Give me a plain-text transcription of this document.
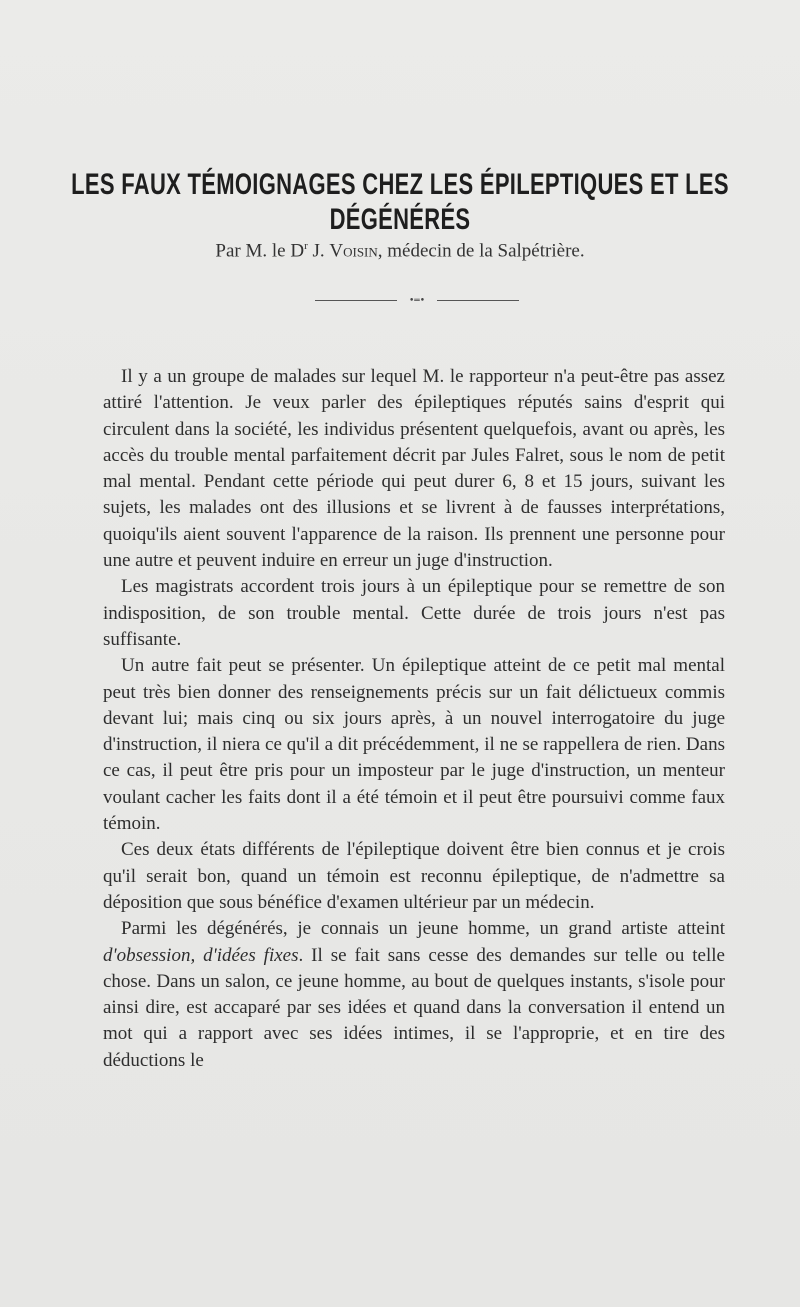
LES FAUX TÉMOIGNAGES CHEZ LES ÉPILEPTIQUES ET LES DÉGÉNÉRÉS
Par M. le $D^r$ J. Voisin, médecin de la Salpétrière.
•═•

Il y a un groupe de malades sur lequel M. le rapporteur n'a peut-être pas assez attiré l'attention. Je veux parler des épileptiques réputés sains d'esprit qui circulent dans la société, les individus présentent quelquefois, avant ou après, les accès du trouble mental parfaitement décrit par Jules Falret, sous le nom de petit mal mental. Pendant cette période qui peut durer 6, 8 et 15 jours, suivant les sujets, les malades ont des illusions et se livrent à de fausses interprétations, quoiqu'ils aient souvent l'apparence de la raison. Ils prennent une personne pour une autre et peuvent induire en erreur un juge d'instruction.

Les magistrats accordent trois jours à un épileptique pour se remettre de son indisposition, de son trouble mental. Cette durée de trois jours n'est pas suffisante.

Un autre fait peut se présenter. Un épileptique atteint de ce petit mal mental peut très bien donner des renseignements précis sur un fait délictueux commis devant lui; mais cinq ou six jours après, à un nouvel interrogatoire du juge d'instruction, il niera ce qu'il a dit précédemment, il ne se rappellera de rien. Dans ce cas, il peut être pris pour un imposteur par le juge d'instruction, un menteur voulant cacher les faits dont il a été témoin et il peut être poursuivi comme faux témoin.

Ces deux états différents de l'épileptique doivent être bien connus et je crois qu'il serait bon, quand un témoin est reconnu épileptique, de n'admettre sa déposition que sous bénéfice d'examen ultérieur par un médecin.

Parmi les dégénérés, je connais un jeune homme, un grand artiste atteint d'obsession, d'idées fixes. Il se fait sans cesse des demandes sur telle ou telle chose. Dans un salon, ce jeune homme, au bout de quelques instants, s'isole pour ainsi dire, est accaparé par ses idées et quand dans la conversation il entend un mot qui a rapport avec ses idées intimes, il se l'approprie, et en tire des déductions le
